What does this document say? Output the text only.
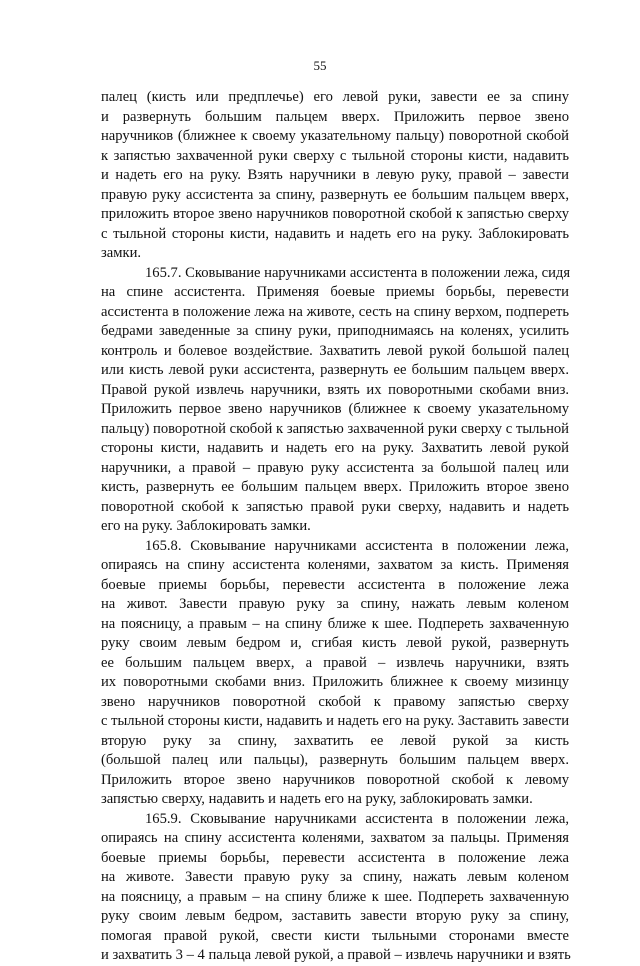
55
палец (кисть или предплечье) его левой руки, завести ее за спину
и развернуть большим пальцем вверх. Приложить первое звено
наручников (ближнее к своему указательному пальцу) поворотной скобой
к запястью захваченной руки сверху с тыльной стороны кисти, надавить
и надеть его на руку. Взять наручники в левую руку, правой – завести
правую руку ассистента за спину, развернуть ее большим пальцем вверх,
приложить второе звено наручников поворотной скобой к запястью сверху
с тыльной стороны кисти, надавить и надеть его на руку. Заблокировать
замки.
165.7. Сковывание наручниками ассистента в положении лежа, сидя
на спине ассистента. Применяя боевые приемы борьбы, перевести
ассистента в положение лежа на животе, сесть на спину верхом, подпереть
бедрами заведенные за спину руки, приподнимаясь на коленях, усилить
контроль и болевое воздействие. Захватить левой рукой большой палец
или кисть левой руки ассистента, развернуть ее большим пальцем вверх.
Правой рукой извлечь наручники, взять их поворотными скобами вниз.
Приложить первое звено наручников (ближнее к своему указательному
пальцу) поворотной скобой к запястью захваченной руки сверху с тыльной
стороны кисти, надавить и надеть его на руку. Захватить левой рукой
наручники, а правой – правую руку ассистента за большой палец или
кисть, развернуть ее большим пальцем вверх. Приложить второе звено
поворотной скобой к запястью правой руки сверху, надавить и надеть
его на руку. Заблокировать замки.
165.8. Сковывание наручниками ассистента в положении лежа,
опираясь на спину ассистента коленями, захватом за кисть. Применяя
боевые приемы борьбы, перевести ассистента в положение лежа
на живот. Завести правую руку за спину, нажать левым коленом
на поясницу, а правым – на спину ближе к шее. Подпереть захваченную
руку своим левым бедром и, сгибая кисть левой рукой, развернуть
ее большим пальцем вверх, а правой – извлечь наручники, взять
их поворотными скобами вниз. Приложить ближнее к своему мизинцу
звено наручников поворотной скобой к правому запястью сверху
с тыльной стороны кисти, надавить и надеть его на руку. Заставить завести
вторую руку за спину, захватить ее левой рукой за кисть
(большой палец или пальцы), развернуть большим пальцем вверх.
Приложить второе звено наручников поворотной скобой к левому
запястью сверху, надавить и надеть его на руку, заблокировать замки.
165.9. Сковывание наручниками ассистента в положении лежа,
опираясь на спину ассистента коленями, захватом за пальцы. Применяя
боевые приемы борьбы, перевести ассистента в положение лежа
на животе. Завести правую руку за спину, нажать левым коленом
на поясницу, а правым – на спину ближе к шее. Подпереть захваченную
руку своим левым бедром, заставить завести вторую руку за спину,
помогая правой рукой, свести кисти тыльными сторонами вместе
и захватить 3 – 4 пальца левой рукой, а правой – извлечь наручники и взять
